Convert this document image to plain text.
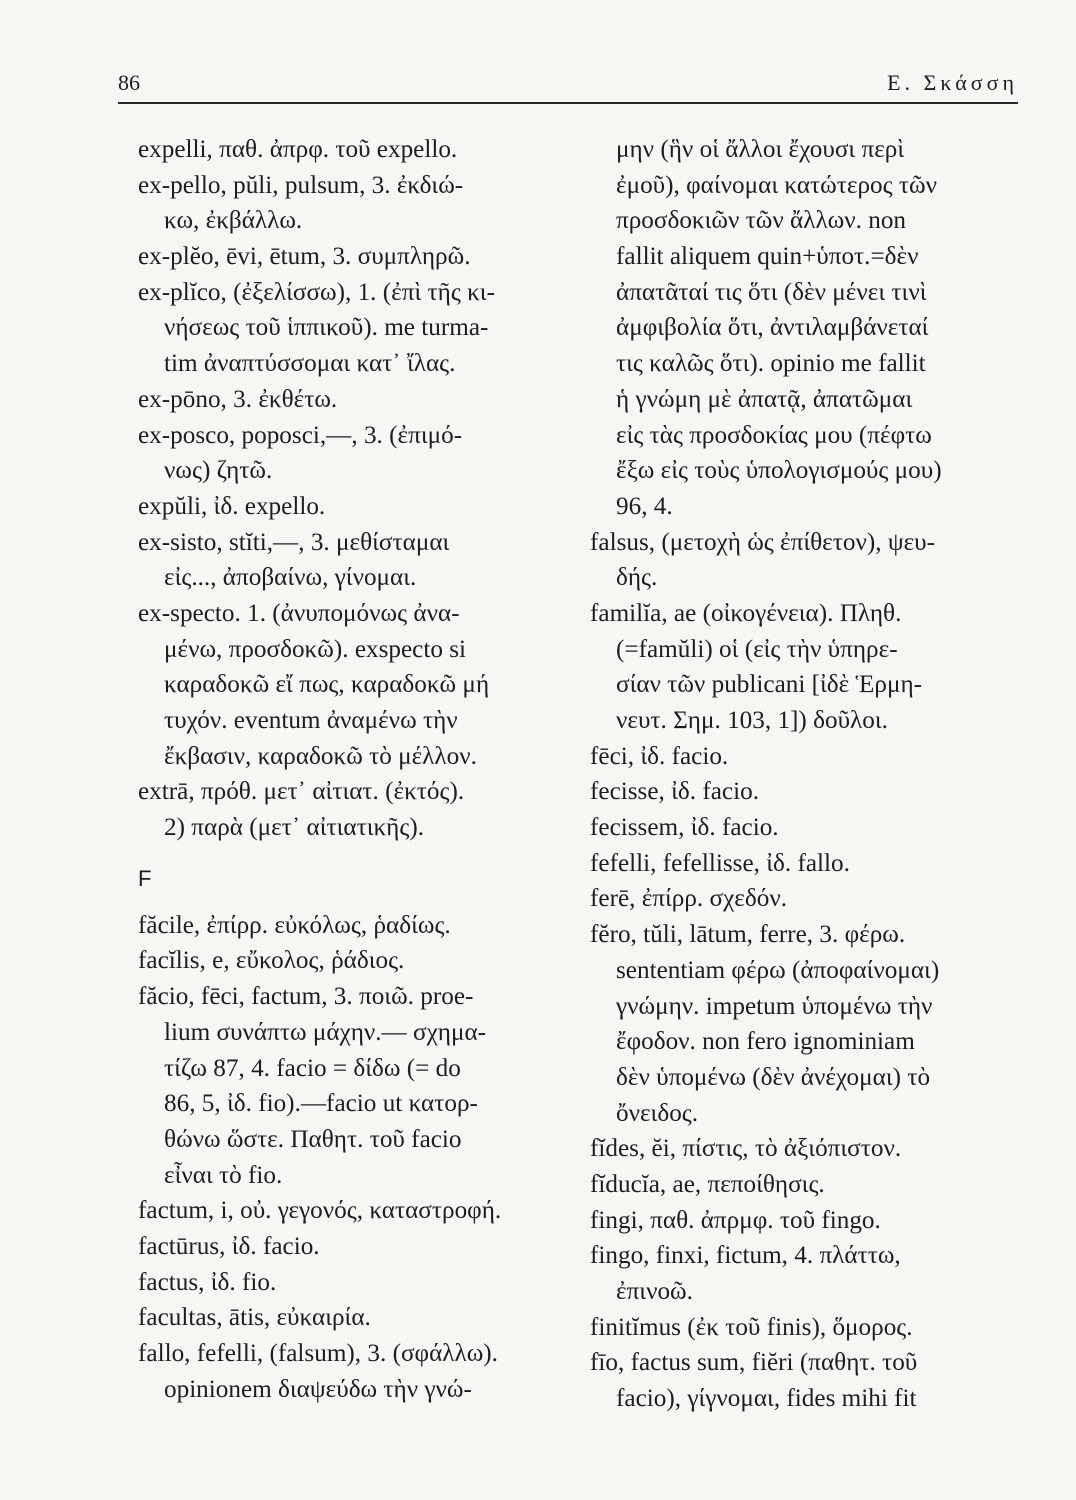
86	Ε. Σκάσση
expelli, παθ. ἀπρφ. τοῦ expello.
ex-pello, pŭli, pulsum, 3. ἐκδιώ-
κω, ἐκβάλλω.
ex-plĕo, ēvi, ētum, 3. συμπληρῶ.
ex-plĭco, (ἐξελίσσω), 1. (ἐπὶ τῆς κι-
νήσεως τοῦ ἱππικοῦ). me turma-
tim ἀναπτύσσομαι κατ᾽ ἴλας.
ex-pōno, 3. ἐκθέτω.
ex-posco, poposci,—, 3. (ἐπιμό-
νως) ζητῶ.
expŭli, ἰδ. expello.
ex-sisto, stĭti,—, 3. μεθίσταμαι
εἰς..., ἀποβαίνω, γίνομαι.
ex-specto. 1. (ἀνυπομόνως ἀνα-
μένω, προσδοκῶ). exspecto si
καραδοκῶ εἴ πως, καραδοκῶ μή
τυχόν. eventum ἀναμένω τὴν
ἔκβασιν, καραδοκῶ τὸ μέλλον.
extrā, πρόθ. μετ᾽ αἰτιατ. (ἐκτός).
2) παρὰ (μετ᾽ αἰτιατικῆς).
F
făcile, ἐπίρρ. εὐκόλως, ῥαδίως.
facĭlis, e, εὔκολος, ῥάδιος.
făcio, fēci, factum, 3. ποιῶ. proe-
lium συνάπτω μάχην.— σχημα-
τίζω 87, 4. facio = δίδω (= do
86, 5, ἰδ. fio).—facio ut κατορ-
θώνω ὥστε. Παθητ. τοῦ facio
εἶναι τὸ fio.
factum, i, οὐ. γεγονός, καταστροφή.
factūrus, ἰδ. facio.
factus, ἰδ. fio.
facultas, ātis, εὐκαιρία.
fallo, fefelli, (falsum), 3. (σφάλλω).
opinionem διαψεύδω τὴν γνώ-
μην (ἣν οἱ ἄλλοι ἔχουσι περὶ
ἐμοῦ), φαίνομαι κατώτερος τῶν
προσδοκιῶν τῶν ἄλλων. non
fallit aliquem quin+ὑποτ.=δὲν
ἀπατᾶταί τις ὅτι (δὲν μένει τινὶ
ἀμφιβολία ὅτι, ἀντιλαμβάνεταί
τις καλῶς ὅτι). opinio me fallit
ἡ γνώμη μὲ ἀπατᾷ, ἀπατῶμαι
εἰς τὰς προσδοκίας μου (πέφτω
ἔξω εἰς τοὺς ὑπολογισμούς μου)
96, 4.
falsus, (μετοχὴ ὡς ἐπίθετον), ψευ-
δής.
familĭa, ae (οἰκογένεια). Πληθ.
(=famŭli) οἱ (εἰς τὴν ὑπηρε-
σίαν τῶν publicani [ἰδὲ Ἑρμη-
νευτ. Σημ. 103, 1]) δοῦλοι.
fēci, ἰδ. facio.
fecisse, ἰδ. facio.
fecissem, ἰδ. facio.
fefelli, fefellisse, ἰδ. fallo.
ferē, ἐπίρρ. σχεδόν.
fĕro, tŭli, lātum, ferre, 3. φέρω.
sententiam φέρω (ἀποφαίνομαι)
γνώμην. impetum ὑπομένω τὴν
ἔφοδον. non fero ignominiam
δὲν ὑπομένω (δὲν ἀνέχομαι) τὸ
ὄνειδος.
fĭdes, ĕi, πίστις, τὸ ἀξιόπιστον.
fĭducĭa, ae, πεποίθησις.
fingi, παθ. ἀπρμφ. τοῦ fingo.
fingo, finxi, fictum, 4. πλάττω,
ἐπινοῶ.
finitĭmus (ἐκ τοῦ finis), ὅμορος.
fīo, factus sum, fiĕri (παθητ. τοῦ
facio), γίγνομαι, fides mihi fit
